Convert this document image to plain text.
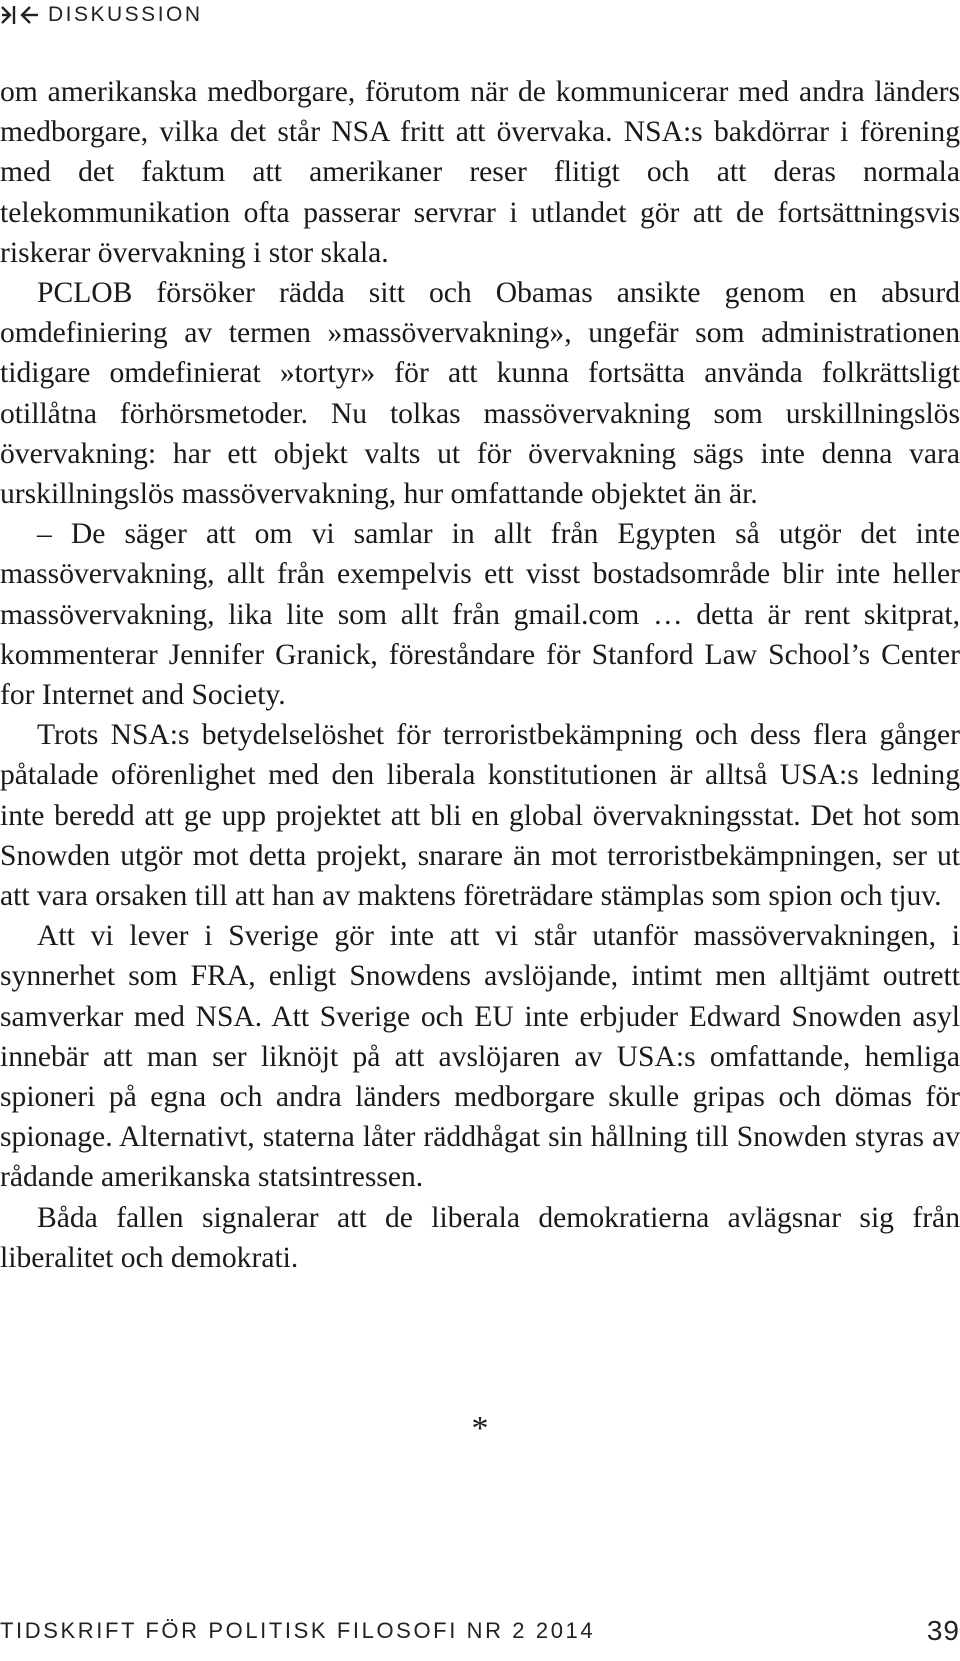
DISKUSSION

om amerikanska medborgare, förutom när de kommunicerar med andra länders medborgare, vilka det står NSA fritt att övervaka. NSA:s bakdörrar i förening med det faktum att amerikaner reser flitigt och att deras normala telekommunikation ofta passerar servrar i utlandet gör att de fortsättningsvis riskerar övervakning i stor skala.

PCLOB försöker rädda sitt och Obamas ansikte genom en absurd omdefiniering av termen »massövervakning», ungefär som administrationen tidigare omdefinierat »tortyr» för att kunna fortsätta använda folkrättsligt otillåtna förhörsmetoder. Nu tolkas massövervakning som urskillningslös övervakning: har ett objekt valts ut för övervakning sägs inte denna vara urskillningslös massövervakning, hur omfattande objektet än är.

– De säger att om vi samlar in allt från Egypten så utgör det inte massövervakning, allt från exempelvis ett visst bostadsområde blir inte heller massövervakning, lika lite som allt från gmail.com … detta är rent skitprat, kommenterar Jennifer Granick, föreståndare för Stanford Law School’s Center for Internet and Society.

Trots NSA:s betydelselöshet för terroristbekämpning och dess flera gånger påtalade oförenlighet med den liberala konstitutionen är alltså USA:s ledning inte beredd att ge upp projektet att bli en global övervakningsstat. Det hot som Snowden utgör mot detta projekt, snarare än mot terroristbekämpningen, ser ut att vara orsaken till att han av maktens företrädare stämplas som spion och tjuv.

Att vi lever i Sverige gör inte att vi står utanför massövervakningen, i synnerhet som FRA, enligt Snowdens avslöjande, intimt men alltjämt outrett samverkar med NSA. Att Sverige och EU inte erbjuder Edward Snowden asyl innebär att man ser liknöjt på att avslöjaren av USA:s omfattande, hemliga spioneri på egna och andra länders medborgare skulle gripas och dömas för spionage. Alternativt, staterna låter räddhågat sin hållning till Snowden styras av rådande amerikanska statsintressen.

Båda fallen signalerar att de liberala demokratierna avlägsnar sig från liberalitet och demokrati.

*
TIDSKRIFT FÖR POLITISK FILOSOFI NR 2 2014	39
